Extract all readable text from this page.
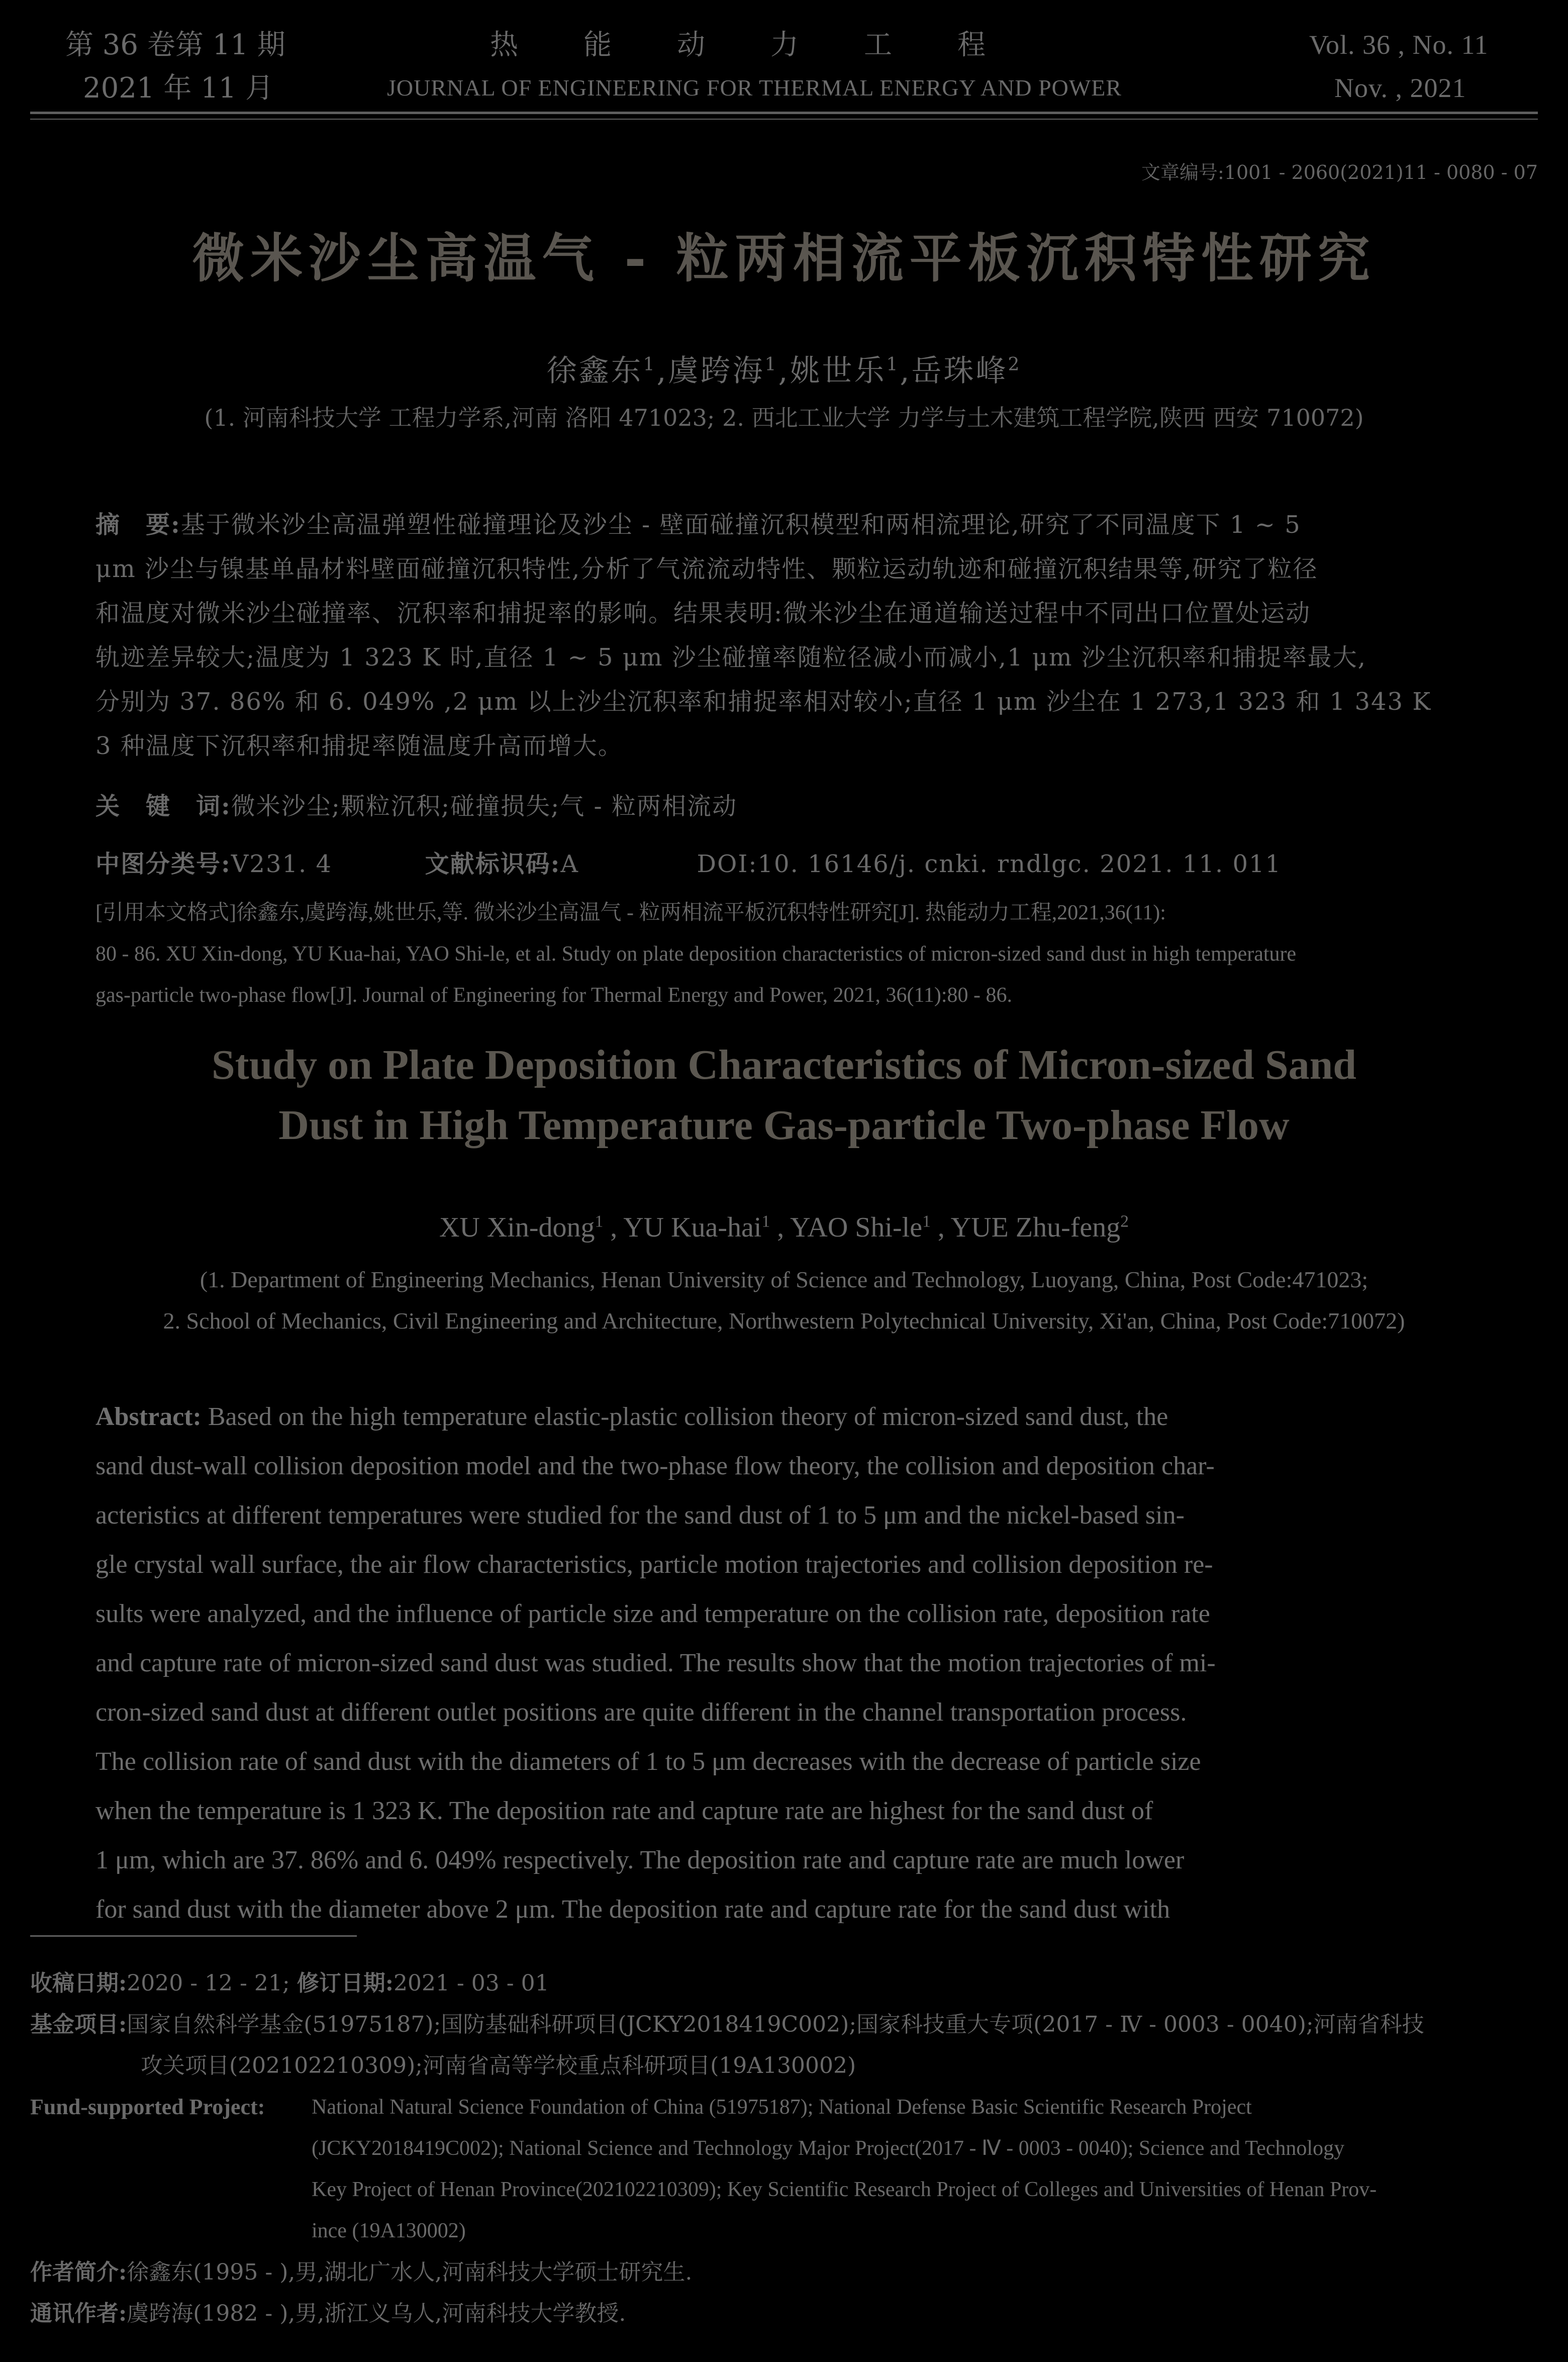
第 36 卷第 11 期
2021 年 11 月
热　　能　　动　　力　　工　　程
JOURNAL OF ENGINEERING FOR THERMAL ENERGY AND POWER
Vol. 36 , No. 11
Nov. , 2021
文章编号:1001 - 2060(2021)11 - 0080 - 07
微米沙尘高温气 - 粒两相流平板沉积特性研究
徐鑫东$^1$,虞跨海$^1$,姚世乐$^1$,岳珠峰$^2$
(1. 河南科技大学 工程力学系,河南 洛阳 471023; 2. 西北工业大学 力学与土木建筑工程学院,陕西 西安 710072)
摘　要:基于微米沙尘高温弹塑性碰撞理论及沙尘 - 壁面碰撞沉积模型和两相流理论,研究了不同温度下 1 ~ 5
μm 沙尘与镍基单晶材料壁面碰撞沉积特性,分析了气流流动特性、颗粒运动轨迹和碰撞沉积结果等,研究了粒径
和温度对微米沙尘碰撞率、沉积率和捕捉率的影响。结果表明:微米沙尘在通道输送过程中不同出口位置处运动
轨迹差异较大;温度为 1 323 K 时,直径 1 ~ 5 μm 沙尘碰撞率随粒径减小而减小,1 μm 沙尘沉积率和捕捉率最大,
分别为 37. 86% 和 6. 049% ,2 μm 以上沙尘沉积率和捕捉率相对较小;直径 1 μm 沙尘在 1 273,1 323 和 1 343 K
3 种温度下沉积率和捕捉率随温度升高而增大。
关　键　词:微米沙尘;颗粒沉积;碰撞损失;气 - 粒两相流动
中图分类号:V231. 4	文献标识码:A	DOI:10. 16146/j. cnki. rndlgc. 2021. 11. 011
[引用本文格式]徐鑫东,虞跨海,姚世乐,等. 微米沙尘高温气 - 粒两相流平板沉积特性研究[J]. 热能动力工程,2021,36(11):
80 - 86. XU Xin-dong, YU Kua-hai, YAO Shi-le, et al. Study on plate deposition characteristics of micron-sized sand dust in high temperature
gas-particle two-phase flow[J]. Journal of Engineering for Thermal Energy and Power, 2021, 36(11):80 - 86.
Study on Plate Deposition Characteristics of Micron-sized Sand
Dust in High Temperature Gas-particle Two-phase Flow
XU Xin-dong$^1$ , YU Kua-hai$^1$ , YAO Shi-$le^1$ , YUE Zhu-feng$^2$
(1. Department of Engineering Mechanics, Henan University of Science and Technology, Luoyang, China, Post Code:471023;
2. School of Mechanics, Civil Engineering and Architecture, Northwestern Polytechnical University, Xi'an, China, Post Code:710072)
Abstract: Based on the high temperature elastic-plastic collision theory of micron-sized sand dust, the
sand dust-wall collision deposition model and the two-phase flow theory, the collision and deposition char-
acteristics at different temperatures were studied for the sand dust of 1 to 5 μm and the nickel-based sin-
gle crystal wall surface, the air flow characteristics, particle motion trajectories and collision deposition re-
sults were analyzed, and the influence of particle size and temperature on the collision rate, deposition rate
and capture rate of micron-sized sand dust was studied. The results show that the motion trajectories of mi-
cron-sized sand dust at different outlet positions are quite different in the channel transportation process.
The collision rate of sand dust with the diameters of 1 to 5 μm decreases with the decrease of particle size
when the temperature is 1 323 K. The deposition rate and capture rate are highest for the sand dust of
1 μm, which are 37. 86% and 6. 049% respectively. The deposition rate and capture rate are much lower
for sand dust with the diameter above 2 μm. The deposition rate and capture rate for the sand dust with
收稿日期:2020 - 12 - 21; 修订日期:2021 - 03 - 01
基金项目:国家自然科学基金(51975187);国防基础科研项目(JCKY2018419C002);国家科技重大专项(2017 - Ⅳ - 0003 - 0040);河南省科技
攻关项目(202102210309);河南省高等学校重点科研项目(19A130002)
Fund-supported Project: National Natural Science Foundation of China (51975187); National Defense Basic Scientific Research Project
(JCKY2018419C002); National Science and Technology Major Project(2017 - Ⅳ - 0003 - 0040); Science and Technology
Key Project of Henan Province(202102210309); Key Scientific Research Project of Colleges and Universities of Henan Prov-
ince (19A130002)
作者简介:徐鑫东(1995 - ),男,湖北广水人,河南科技大学硕士研究生.
通讯作者:虞跨海(1982 - ),男,浙江义乌人,河南科技大学教授.
